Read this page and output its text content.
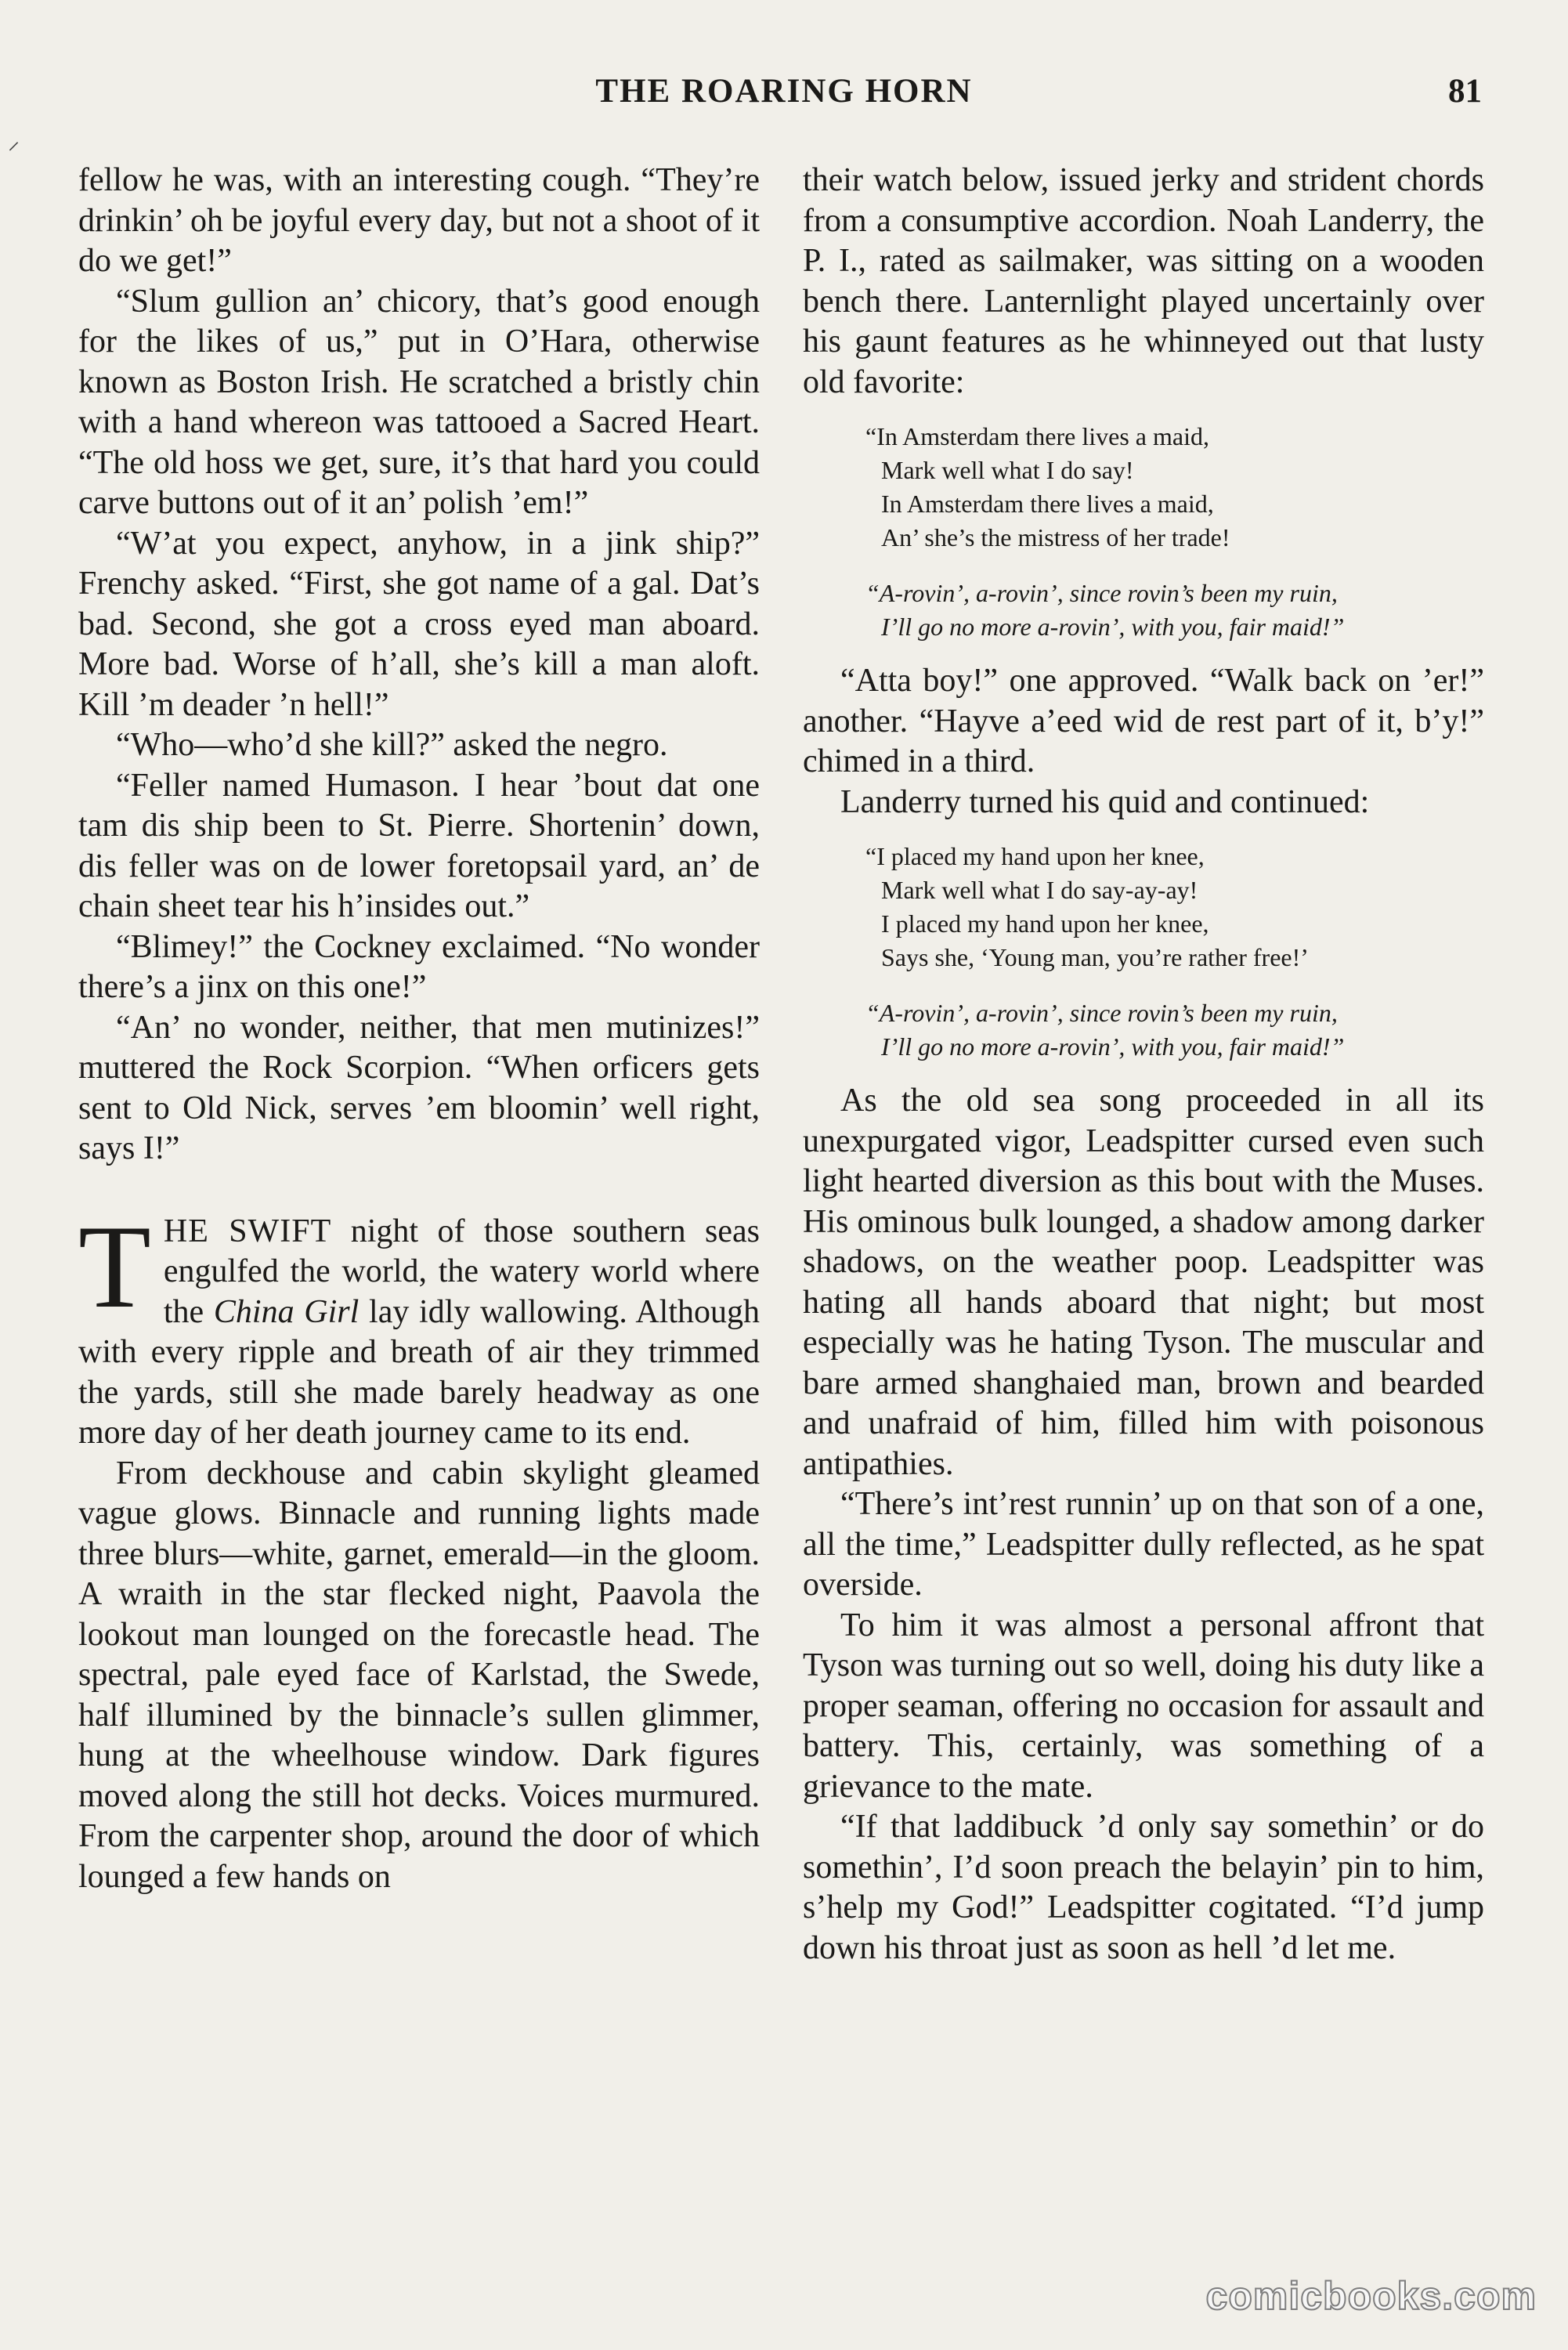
⸝
THE ROARING HORN	81

fellow he was, with an interesting cough. “They’re drinkin’ oh be joyful every day, but not a shoot of it do we get!”

“Slum gullion an’ chicory, that’s good enough for the likes of us,” put in O’Hara, otherwise known as Boston Irish. He scratched a bristly chin with a hand whereon was tattooed a Sacred Heart. “The old hoss we get, sure, it’s that hard you could carve buttons out of it an’ polish ’em!”

“W’at you expect, anyhow, in a jink ship?” Frenchy asked. “First, she got name of a gal. Dat’s bad. Second, she got a cross eyed man aboard. More bad. Worse of h’all, she’s kill a man aloft. Kill ’m deader ’n hell!”

“Who—who’d she kill?” asked the negro.

“Feller named Humason. I hear ’bout dat one tam dis ship been to St. Pierre. Shortenin’ down, dis feller was on de lower foretopsail yard, an’ de chain sheet tear his h’insides out.”

“Blimey!” the Cockney exclaimed. “No wonder there’s a jinx on this one!”

“An’ no wonder, neither, that men mutinizes!” muttered the Rock Scorpion. “When orficers gets sent to Old Nick, serves ’em bloomin’ well right, says I!”

T HE SWIFT night of those southern seas engulfed the world, the watery world where the China Girl lay idly wallowing. Although with every ripple and breath of air they trimmed the yards, still she made barely headway as one more day of her death journey came to its end.

From deckhouse and cabin skylight gleamed vague glows. Binnacle and running lights made three blurs—white, garnet, emerald—in the gloom. A wraith in the star flecked night, Paavola the lookout man lounged on the forecastle head. The spectral, pale eyed face of Karlstad, the Swede, half illumined by the binnacle’s sullen glimmer, hung at the wheelhouse window. Dark figures moved along the still hot decks. Voices murmured. From the carpenter shop, around the door of which lounged a few hands on

their watch below, issued jerky and strident chords from a consumptive accordion. Noah Landerry, the P. I., rated as sailmaker, was sitting on a wooden bench there. Lanternlight played uncertainly over his gaunt features as he whinneyed out that lusty old favorite:

“In Amsterdam there lives a maid,
Mark well what I do say!
In Amsterdam there lives a maid,
An’ she’s the mistress of her trade!
“A-rovin’, a-rovin’, since rovin’s been my ruin,
I’ll go no more a-rovin’, with you, fair maid!”

“Atta boy!” one approved. “Walk back on ’er!” another. “Hayve a’eed wid de rest part of it, b’y!” chimed in a third.

Landerry turned his quid and continued:

“I placed my hand upon her knee,
Mark well what I do say-ay-ay!
I placed my hand upon her knee,
Says she, ‘Young man, you’re rather free!’
“A-rovin’, a-rovin’, since rovin’s been my ruin,
I’ll go no more a-rovin’, with you, fair maid!”

As the old sea song proceeded in all its unexpurgated vigor, Leadspitter cursed even such light hearted diversion as this bout with the Muses. His ominous bulk lounged, a shadow among darker shadows, on the weather poop. Leadspitter was hating all hands aboard that night; but most especially was he hating Tyson. The muscular and bare armed shanghaied man, brown and bearded and unafraid of him, filled him with poisonous antipathies.

“There’s int’rest runnin’ up on that son of a one, all the time,” Leadspitter dully reflected, as he spat overside.

To him it was almost a personal affront that Tyson was turning out so well, doing his duty like a proper seaman, offering no occasion for assault and battery. This, certainly, was something of a grievance to the mate.

“If that laddibuck ’d only say somethin’ or do somethin’, I’d soon preach the belayin’ pin to him, s’help my God!” Leadspitter cogitated. “I’d jump down his throat just as soon as hell ’d let me.

comicbooks.com
